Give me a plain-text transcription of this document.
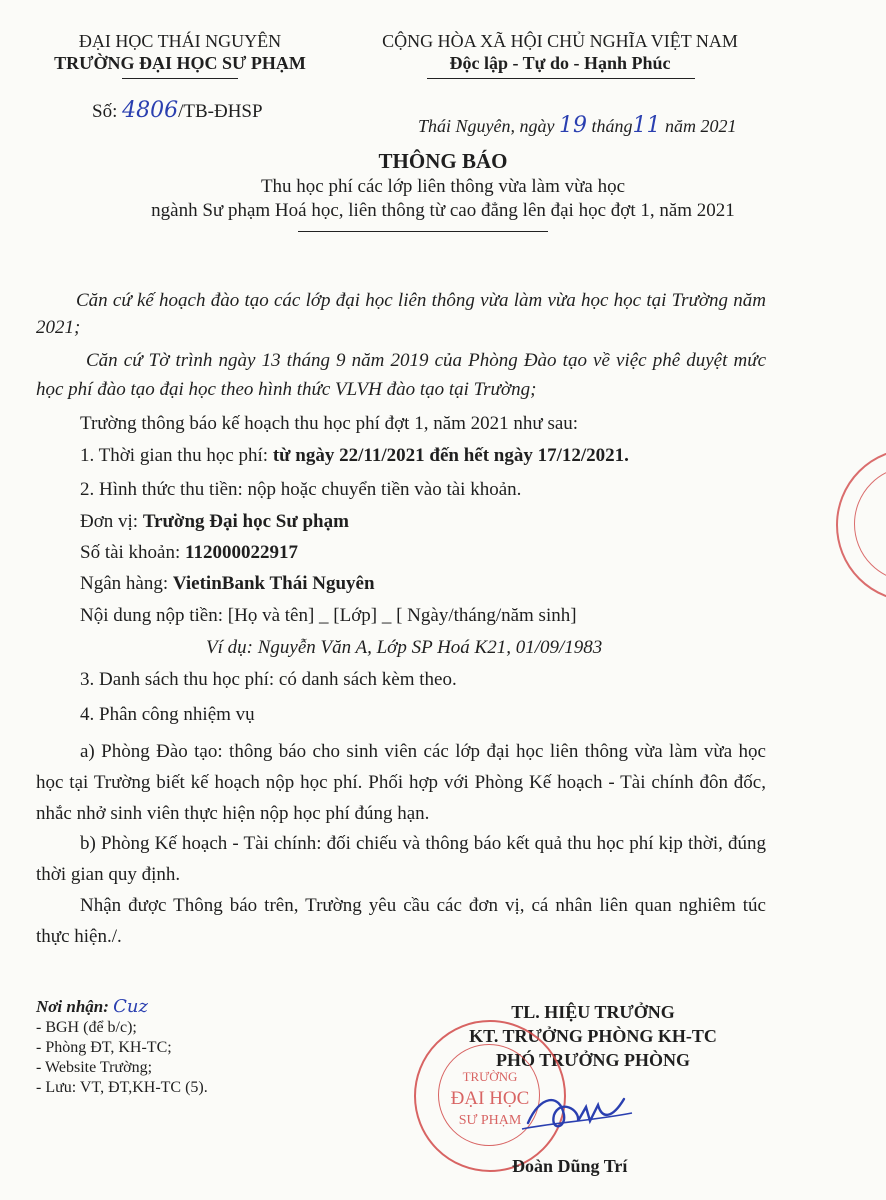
ĐẠI HỌC THÁI NGUYÊN
TRƯỜNG ĐẠI HỌC SƯ PHẠM
CỘNG HÒA XÃ HỘI CHỦ NGHĨA VIỆT NAM
Độc lập - Tự do - Hạnh Phúc
Số: 4806/TB-ĐHSP
Thái Nguyên, ngày 19 tháng11 năm 2021
THÔNG BÁO
Thu học phí các lớp liên thông vừa làm vừa học
ngành Sư phạm Hoá học, liên thông từ cao đẳng lên đại học đợt 1, năm 2021
Căn cứ kế hoạch đào tạo các lớp đại học liên thông vừa làm vừa học học tại Trường năm 2021;
Căn cứ Tờ trình ngày 13 tháng 9 năm 2019 của Phòng Đào tạo về việc phê duyệt mức học phí đào tạo đại học theo hình thức VLVH đào tạo tại Trường;
Trường thông báo kế hoạch thu học phí đợt 1, năm 2021 như sau:
1. Thời gian thu học phí: từ ngày 22/11/2021 đến hết ngày 17/12/2021.
2. Hình thức thu tiền: nộp hoặc chuyển tiền vào tài khoản.
Đơn vị: Trường Đại học Sư phạm
Số tài khoản: 112000022917
Ngân hàng: VietinBank Thái Nguyên
Nội dung nộp tiền: [Họ và tên] _ [Lớp] _ [ Ngày/tháng/năm sinh]
Ví dụ: Nguyễn Văn A, Lớp SP Hoá K21, 01/09/1983
3. Danh sách thu học phí: có danh sách kèm theo.
4. Phân công nhiệm vụ
a) Phòng Đào tạo: thông báo cho sinh viên các lớp đại học liên thông vừa làm vừa học học tại Trường biết kế hoạch nộp học phí. Phối hợp với Phòng Kế hoạch - Tài chính đôn đốc, nhắc nhở sinh viên thực hiện nộp học phí đúng hạn.
b) Phòng Kế hoạch - Tài chính: đối chiếu và thông báo kết quả thu học phí kịp thời, đúng thời gian quy định.
Nhận được Thông báo trên, Trường yêu cầu các đơn vị, cá nhân liên quan nghiêm túc thực hiện./.
Nơi nhận: Cuz
- BGH (để b/c);
- Phòng ĐT, KH-TC;
- Website Trường;
- Lưu: VT, ĐT,KH-TC (5).
TL. HIỆU TRƯỞNG
KT. TRƯỞNG PHÒNG KH-TC
PHÓ TRƯỞNG PHÒNG
TRƯỜNG
ĐẠI HỌC
SƯ PHẠM
Đoàn Dũng Trí
